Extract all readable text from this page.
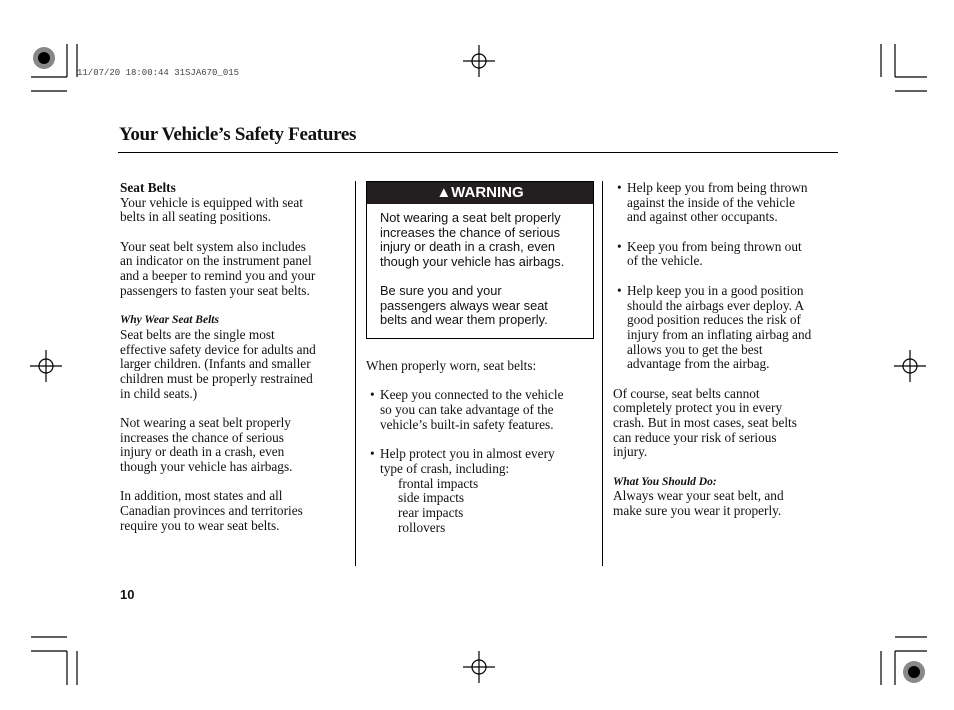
11/07/20 18:00:44 31SJA670_015
Your Vehicle’s Safety Features
Seat Belts
Your vehicle is equipped with seat
belts in all seating positions.
Your seat belt system also includes
an indicator on the instrument panel
and a beeper to remind you and your
passengers to fasten your seat belts.
Why Wear Seat Belts
Seat belts are the single most
effective safety device for adults and
larger children. (Infants and smaller
children must be properly restrained
in child seats.)
Not wearing a seat belt properly
increases the chance of serious
injury or death in a crash, even
though your vehicle has airbags.
In addition, most states and all
Canadian provinces and territories
require you to wear seat belts.
▲WARNING
Not wearing a seat belt properly
increases the chance of serious
injury or death in a crash, even
though your vehicle has airbags.
Be sure you and your
passengers always wear seat
belts and wear them properly.
When properly worn, seat belts:
• Keep you connected to the vehicle
so you can take advantage of the
vehicle’s built-in safety features.
• Help protect you in almost every
type of crash, including:
frontal impacts
side impacts
rear impacts
rollovers
• Help keep you from being thrown
against the inside of the vehicle
and against other occupants.
• Keep you from being thrown out
of the vehicle.
• Help keep you in a good position
should the airbags ever deploy. A
good position reduces the risk of
injury from an inflating airbag and
allows you to get the best
advantage from the airbag.
Of course, seat belts cannot
completely protect you in every
crash. But in most cases, seat belts
can reduce your risk of serious
injury.
What You Should Do:
Always wear your seat belt, and
make sure you wear it properly.
10
